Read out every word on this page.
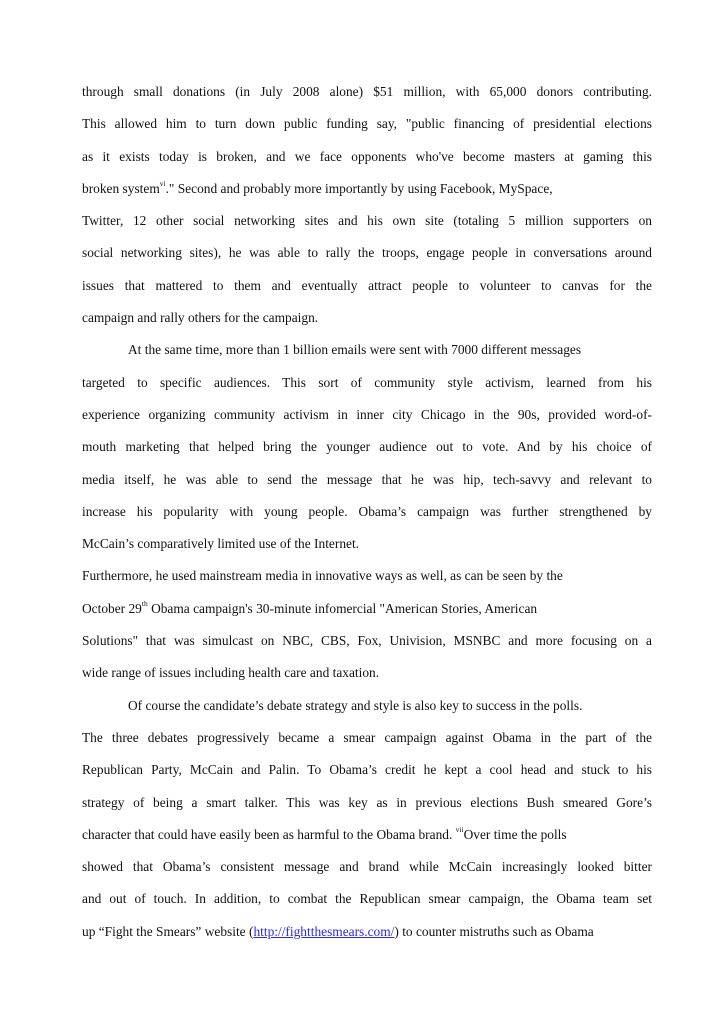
through small donations (in July 2008 alone) $51 million, with 65,000 donors contributing.
This allowed him to turn down public funding say, "public financing of presidential elections
as it exists today is broken, and we face opponents who've become masters at gaming this
broken system$^{vi}$." Second and probably more importantly by using Facebook, MySpace,
Twitter, 12 other social networking sites and his own site (totaling 5 million supporters on
social networking sites), he was able to rally the troops, engage people in conversations around
issues that mattered to them and eventually attract people to volunteer to canvas for the
campaign and rally others for the campaign.
At the same time, more than 1 billion emails were sent with 7000 different messages
targeted to specific audiences. This sort of community style activism, learned from his
experience organizing community activism in inner city Chicago in the 90s, provided word-of-
mouth marketing that helped bring the younger audience out to vote. And by his choice of
media itself, he was able to send the message that he was hip, tech-savvy and relevant to
increase his popularity with young people. Obama’s campaign was further strengthened by
McCain’s comparatively limited use of the Internet.
Furthermore, he used mainstream media in innovative ways as well, as can be seen by the
October 29th Obama campaign's 30-minute infomercial "American Stories, American
Solutions" that was simulcast on NBC, CBS, Fox, Univision, MSNBC and more focusing on a
wide range of issues including health care and taxation.
Of course the candidate’s debate strategy and style is also key to success in the polls.
The three debates progressively became a smear campaign against Obama in the part of the
Republican Party, McCain and Palin. To Obama’s credit he kept a cool head and stuck to his
strategy of being a smart talker. This was key as in previous elections Bush smeared Gore’s
character that could have easily been as harmful to the Obama brand. $^{vii}$Over time the polls
showed that Obama’s consistent message and brand while McCain increasingly looked bitter
and out of touch. In addition, to combat the Republican smear campaign, the Obama team set
up “Fight the Smears” website (http://fightthesmears.com/) to counter mistruths such as Obama
